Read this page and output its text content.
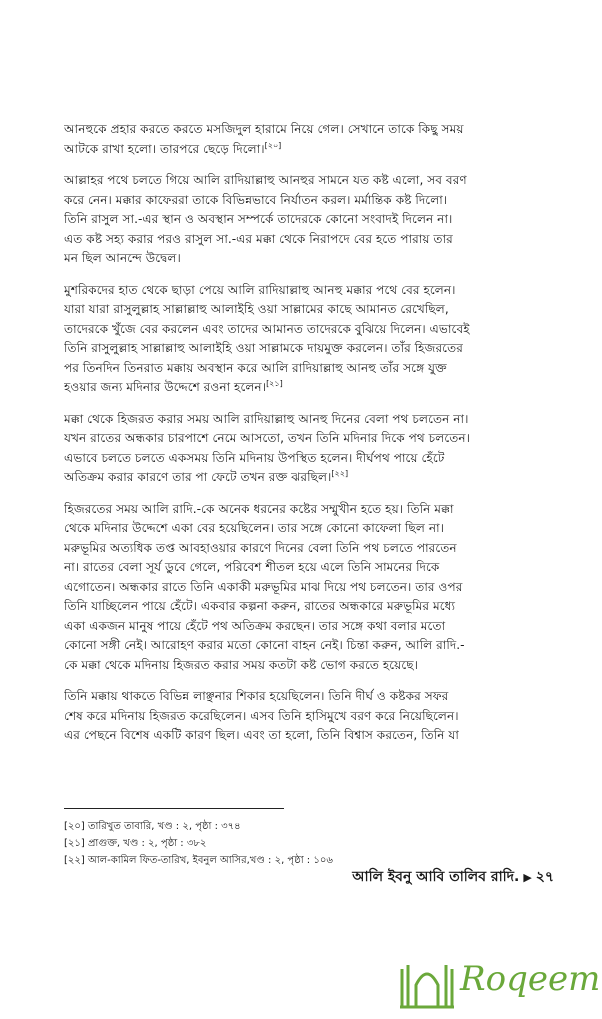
আনহুকে প্রহার করতে করতে মসজিদুল হারামে নিয়ে গেল। সেখানে তাকে কিছু সময়
আটকে রাখা হলো। তারপরে ছেড়ে দিলো।[২০]

আল্লাহর পথে চলতে গিয়ে আলি রাদিয়াল্লাহু আনহুর সামনে যত কষ্ট এলো, সব বরণ
করে নেন। মক্কার কাফেররা তাকে বিভিন্নভাবে নির্যাতন করল। মর্মান্তিক কষ্ট দিলো।
তিনি রাসুল সা.-এর স্থান ও অবস্থান সম্পর্কে তাদেরকে কোনো সংবাদই দিলেন না।
এত কষ্ট সহ্য করার পরও রাসুল সা.-এর মক্কা থেকে নিরাপদে বের হতে পারায় তার
মন ছিল আনন্দে উদ্বেল।

মুশরিকদের হাত থেকে ছাড়া পেয়ে আলি রাদিয়াল্লাহু আনহু মক্কার পথে বের হলেন।
যারা যারা রাসুলুল্লাহ সাল্লাল্লাহু আলাইহি ওয়া সাল্লামের কাছে আমানত রেখেছিল,
তাদেরকে খুঁজে বের করলেন এবং তাদের আমানত তাদেরকে বুঝিয়ে দিলেন। এভাবেই
তিনি রাসুলুল্লাহ সাল্লাল্লাহু আলাইহি ওয়া সাল্লামকে দায়মুক্ত করলেন। তাঁর হিজরতের
পর তিনদিন তিনরাত মক্কায় অবস্থান করে আলি রাদিয়াল্লাহু আনহু তাঁর সঙ্গে যুক্ত
হওয়ার জন্য মদিনার উদ্দেশে রওনা হলেন।[২১]

মক্কা থেকে হিজরত করার সময় আলি রাদিয়াল্লাহু আনহু দিনের বেলা পথ চলতেন না।
যখন রাতের অন্ধকার চারপাশে নেমে আসতো, তখন তিনি মদিনার দিকে পথ চলতেন।
এভাবে চলতে চলতে একসময় তিনি মদিনায় উপস্থিত হলেন। দীর্ঘপথ পায়ে হেঁটে
অতিক্রম করার কারণে তার পা ফেটে তখন রক্ত ঝরছিল।[২২]

হিজরতের সময় আলি রাদি.-কে অনেক ধরনের কষ্টের সম্মুখীন হতে হয়। তিনি মক্কা
থেকে মদিনার উদ্দেশে একা বের হয়েছিলেন। তার সঙ্গে কোনো কাফেলা ছিল না।
মরুভূমির অত্যধিক তপ্ত আবহাওয়ার কারণে দিনের বেলা তিনি পথ চলতে পারতেন
না। রাতের বেলা সূর্য ডুবে গেলে, পরিবেশ শীতল হয়ে এলে তিনি সামনের দিকে
এগোতেন। অন্ধকার রাতে তিনি একাকী মরুভূমির মাঝ দিয়ে পথ চলতেন। তার ওপর
তিনি যাচ্ছিলেন পায়ে হেঁটে। একবার কল্পনা করুন, রাতের অন্ধকারে মরুভূমির মধ্যে
একা একজন মানুষ পায়ে হেঁটে পথ অতিক্রম করছেন। তার সঙ্গে কথা বলার মতো
কোনো সঙ্গী নেই। আরোহণ করার মতো কোনো বাহন নেই। চিন্তা করুন, আলি রাদি.-
কে মক্কা থেকে মদিনায় হিজরত করার সময় কতটা কষ্ট ভোগ করতে হয়েছে।

তিনি মক্কায় থাকতে বিভিন্ন লাঞ্ছনার শিকার হয়েছিলেন। তিনি দীর্ঘ ও কষ্টকর সফর
শেষ করে মদিনায় হিজরত করেছিলেন। এসব তিনি হাসিমুখে বরণ করে নিয়েছিলেন।
এর পেছনে বিশেষ একটি কারণ ছিল। এবং তা হলো, তিনি বিশ্বাস করতেন, তিনি যা

[২০] তারিখুত তাবারি, খণ্ড : ২, পৃষ্ঠা : ৩৭৪
[২১] প্রাগুক্ত, খণ্ড : ২, পৃষ্ঠা : ৩৮২
[২২] আল-কামিল ফিত-তারিখ, ইবনুল আসির,খণ্ড : ২, পৃষ্ঠা : ১০৬
আলি ইবনু আবি তালিব রাদি. ▶ ২৭
Roqeem
